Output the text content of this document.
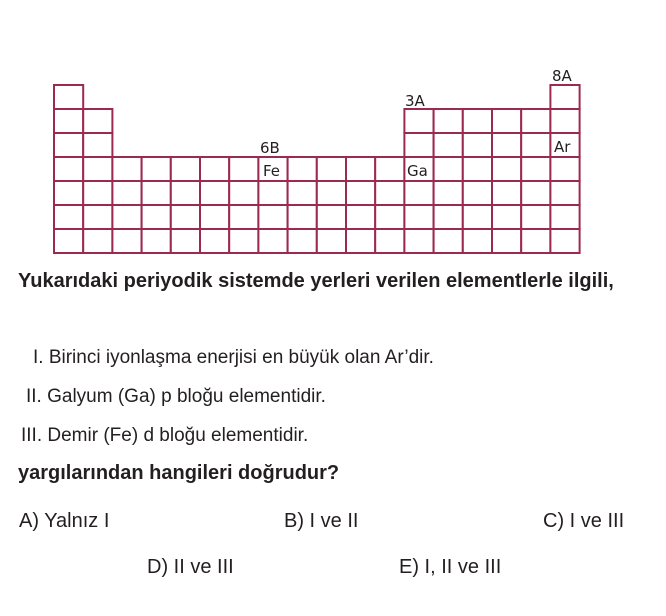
6B
3A
8A
Fe	Ga
Ar
Yukarıdaki periyodik sistemde yerleri verilen elementlerle ilgili,
I. Birinci iyonlaşma enerjisi en büyük olan Ar’dir.
II. Galyum (Ga) p bloğu elementidir.
III. Demir (Fe) d bloğu elementidir.
yargılarından hangileri doğrudur?
A) Yalnız I	B) I ve II	C) I ve III
D) II ve III	E) I, II ve III
